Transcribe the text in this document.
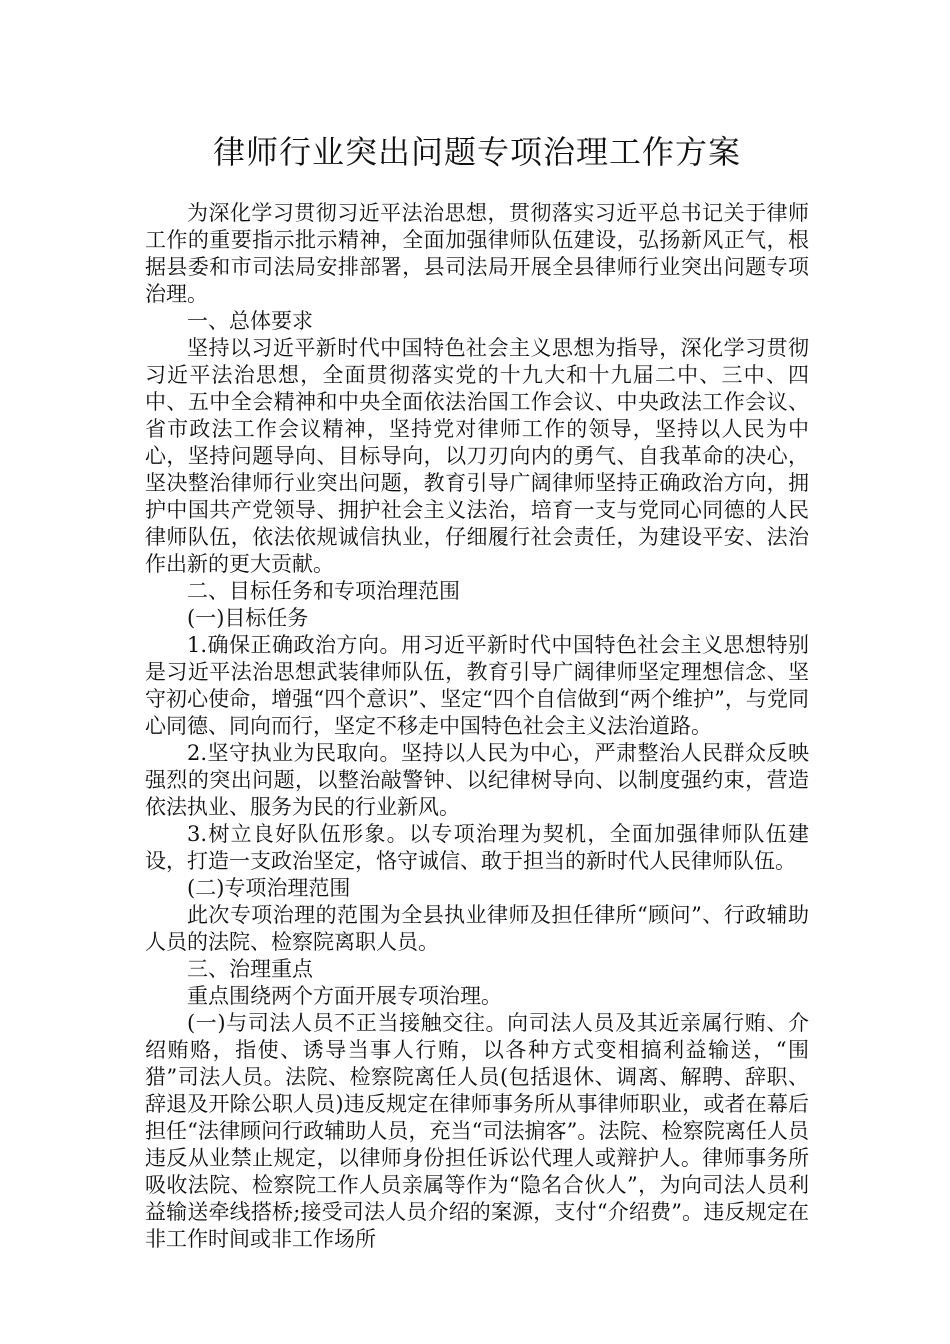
律师行业突出问题专项治理工作方案

为深化学习贯彻习近平法治思想，贯彻落实习近平总书记关于律师工作的重要指示批示精神，全面加强律师队伍建设，弘扬新风正气，根据县委和市司法局安排部署，县司法局开展全县律师行业突出问题专项治理。

一、总体要求

坚持以习近平新时代中国特色社会主义思想为指导，深化学习贯彻习近平法治思想，全面贯彻落实党的十九大和十九届二中、三中、四中、五中全会精神和中央全面依法治国工作会议、中央政法工作会议、省市政法工作会议精神，坚持党对律师工作的领导，坚持以人民为中心，坚持问题导向、目标导向，以刀刃向内的勇气、自我革命的决心，坚决整治律师行业突出问题，教育引导广阔律师坚持正确政治方向，拥护中国共产党领导、拥护社会主义法治，培育一支与党同心同德的人民律师队伍，依法依规诚信执业，仔细履行社会责任，为建设平安、法治作出新的更大贡献。

二、目标任务和专项治理范围

(一)目标任务

1.确保正确政治方向。用习近平新时代中国特色社会主义思想特别是习近平法治思想武装律师队伍，教育引导广阔律师坚定理想信念、坚守初心使命，增强“四个意识”、坚定“四个自信做到“两个维护”，与党同心同德、同向而行，坚定不移走中国特色社会主义法治道路。

2.坚守执业为民取向。坚持以人民为中心，严肃整治人民群众反映强烈的突出问题，以整治敲警钟、以纪律树导向、以制度强约束，营造依法执业、服务为民的行业新风。

3.树立良好队伍形象。以专项治理为契机，全面加强律师队伍建设，打造一支政治坚定，恪守诚信、敢于担当的新时代人民律师队伍。

(二)专项治理范围

此次专项治理的范围为全县执业律师及担任律所“顾问”、行政辅助人员的法院、检察院离职人员。

三、治理重点

重点围绕两个方面开展专项治理。

(一)与司法人员不正当接触交往。向司法人员及其近亲属行贿、介绍贿赂，指使、诱导当事人行贿，以各种方式变相搞利益输送，“围猎”司法人员。法院、检察院离任人员(包括退休、调离、解聘、辞职、辞退及开除公职人员)违反规定在律师事务所从事律师职业，或者在幕后担任“法律顾问行政辅助人员，充当“司法掮客”。法院、检察院离任人员违反从业禁止规定，以律师身份担任诉讼代理人或辩护人。律师事务所吸收法院、检察院工作人员亲属等作为“隐名合伙人”，为向司法人员利益输送牵线搭桥;接受司法人员介绍的案源，支付“介绍费”。违反规定在非工作时间或非工作场所
